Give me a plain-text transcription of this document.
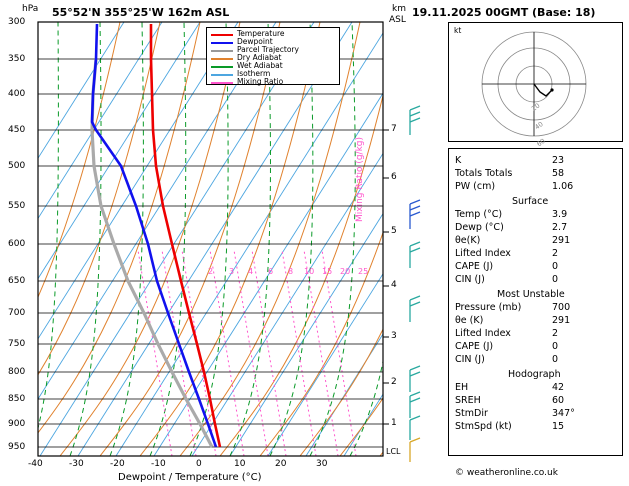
hPa 55°52'N 355°25'W 162m ASL	km
ASL
19.11.2025 00GMT (Base: 18)
Temperature
Dewpoint
Parcel Trajectory
Dry Adiabat
Wet Adiabat
Isotherm
Mixing Ratio
300
350
400
450
500
550
600
650
700
750
800
850
900
950
7
6
5
4
3
2
1
LCL
2 3 4 6 8 10 15 20 25
-40	-30	-20	-10	0	10	20	30
Dewpoint / Temperature (°C)
Mixing Ratio (g/kg)
kt
20
40
60
K	23
Totals Totals	58
PW (cm)	1.06
Surface
Temp (°C)	3.9
Dewp (°C)	2.7
θe(K)	291
Lifted Index	2
CAPE (J)	0
CIN (J)	0
Most Unstable
Pressure (mb)	700
θe (K)	291
Lifted Index	2
CAPE (J)	0
CIN (J)	0
Hodograph
EH	42
SREH	60
StmDir	347°
StmSpd (kt)	15
© weatheronline.co.uk
